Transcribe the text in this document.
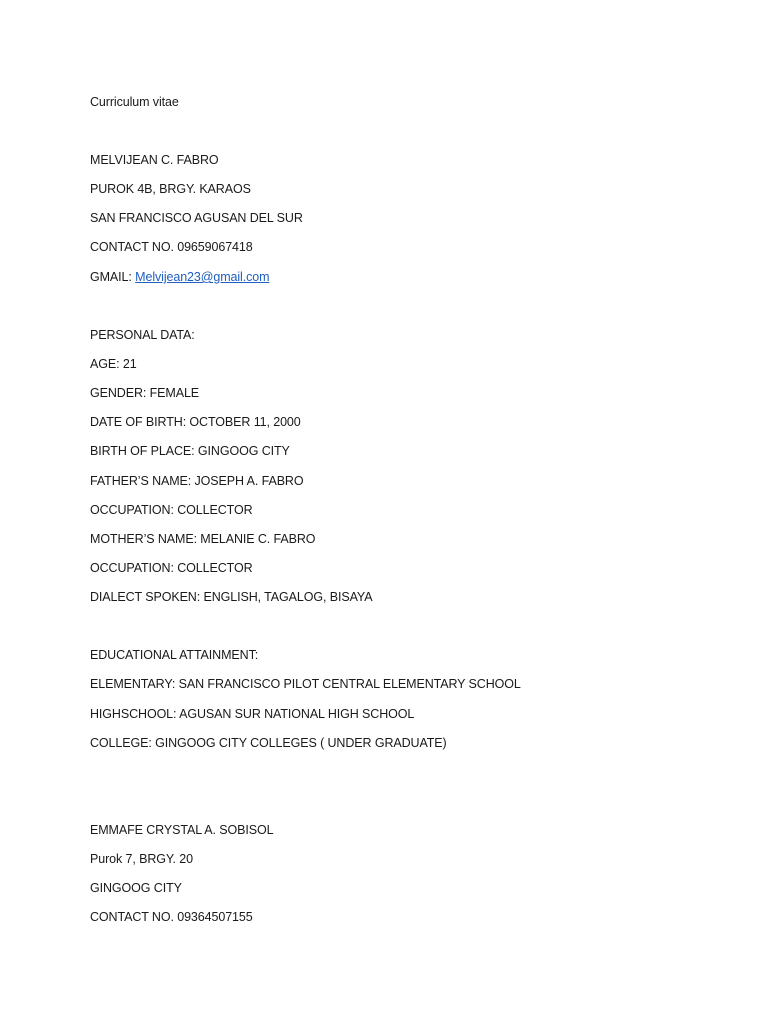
Curriculum vitae
MELVIJEAN C. FABRO
PUROK 4B, BRGY. KARAOS
SAN FRANCISCO AGUSAN DEL SUR
CONTACT NO. 09659067418
GMAIL: Melvijean23@gmail.com
PERSONAL DATA:
AGE: 21
GENDER: FEMALE
DATE OF BIRTH: OCTOBER 11, 2000
BIRTH OF PLACE: GINGOOG CITY
FATHER’S NAME: JOSEPH A. FABRO
OCCUPATION: COLLECTOR
MOTHER’S NAME: MELANIE C. FABRO
OCCUPATION: COLLECTOR
DIALECT SPOKEN: ENGLISH, TAGALOG, BISAYA
EDUCATIONAL ATTAINMENT:
ELEMENTARY: SAN FRANCISCO PILOT CENTRAL ELEMENTARY SCHOOL
HIGHSCHOOL: AGUSAN SUR NATIONAL HIGH SCHOOL
COLLEGE: GINGOOG CITY COLLEGES ( UNDER GRADUATE)
EMMAFE CRYSTAL A. SOBISOL
Purok 7, BRGY. 20
GINGOOG CITY
CONTACT NO. 09364507155
